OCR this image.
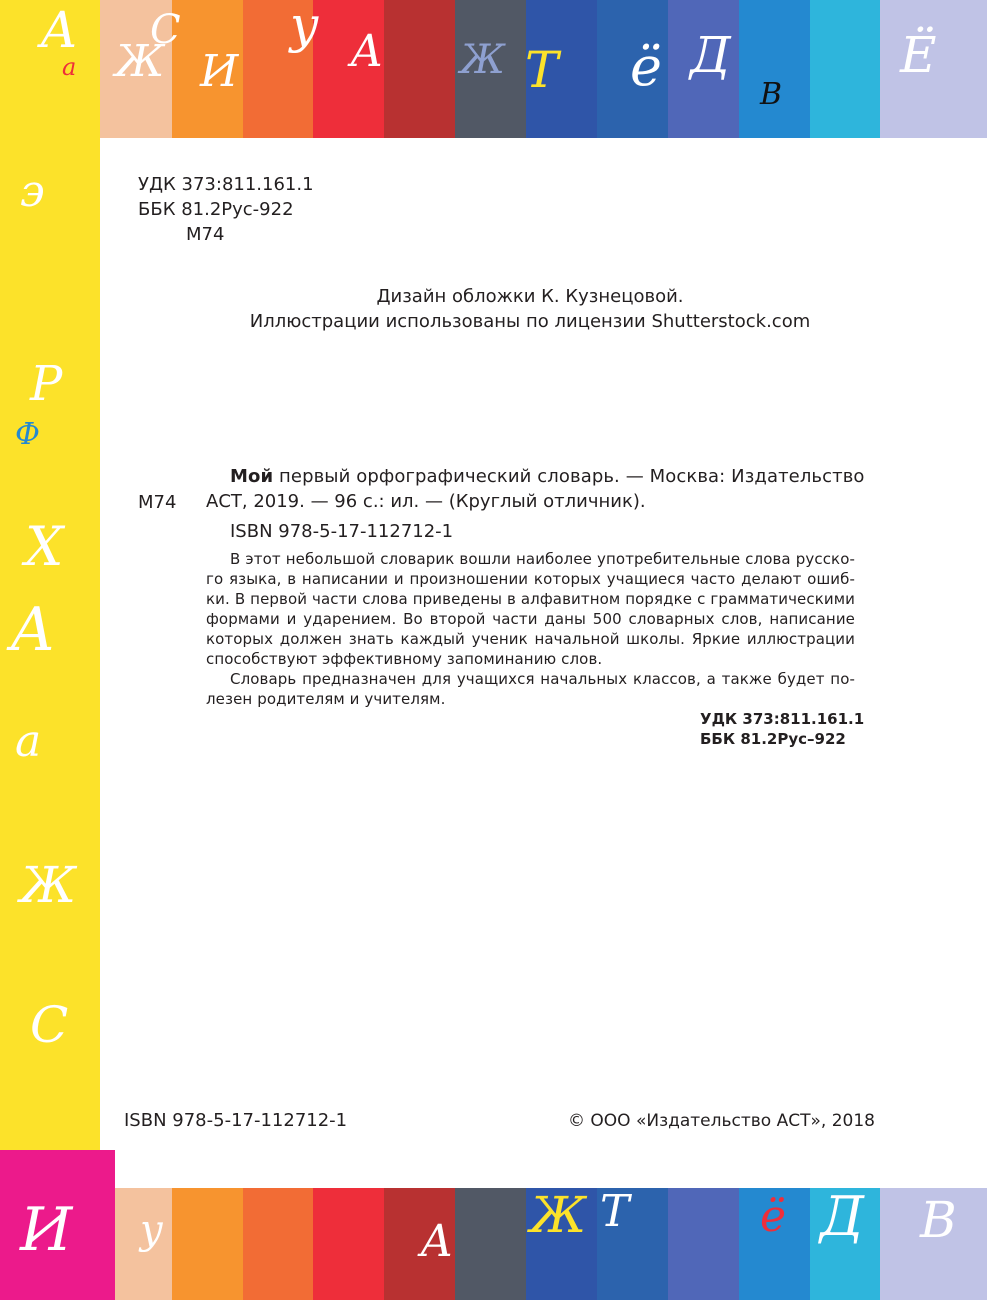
А
а Ж
С
И
у А Ж Т ё Д
В
Ё
э
Р
Ф
Х
А
а
Ж
С
И у	А Ж Т	ё Д В
УДК 373:811.161.1
ББК 81.2Рус-922
М74
Дизайн обложки К. Кузнецовой.
Иллюстрации использованы по лицензии Shutterstock.com
М74
Мой первый орфографический словарь. — Москва: Издательство
АСТ, 2019. — 96 с.: ил. — (Круглый отличник).
ISBN 978-5-17-112712-1
В этот небольшой словарик вошли наиболее употребительные слова русско-
го языка, в написании и произношении которых учащиеся часто делают ошиб-
ки. В первой части слова приведены в алфавитном порядке с грамматическими
формами и ударением. Во второй части даны 500 словарных слов, написание
которых должен знать каждый ученик начальной школы. Яркие иллюстрации
способствуют эффективному запоминанию слов.
Словарь предназначен для учащихся начальных классов, а также будет по-
лезен родителям и учителям.
УДК 373:811.161.1
ББК 81.2Рус–922
ISBN 978-5-17-112712-1	© ООО «Издательство АСТ», 2018
